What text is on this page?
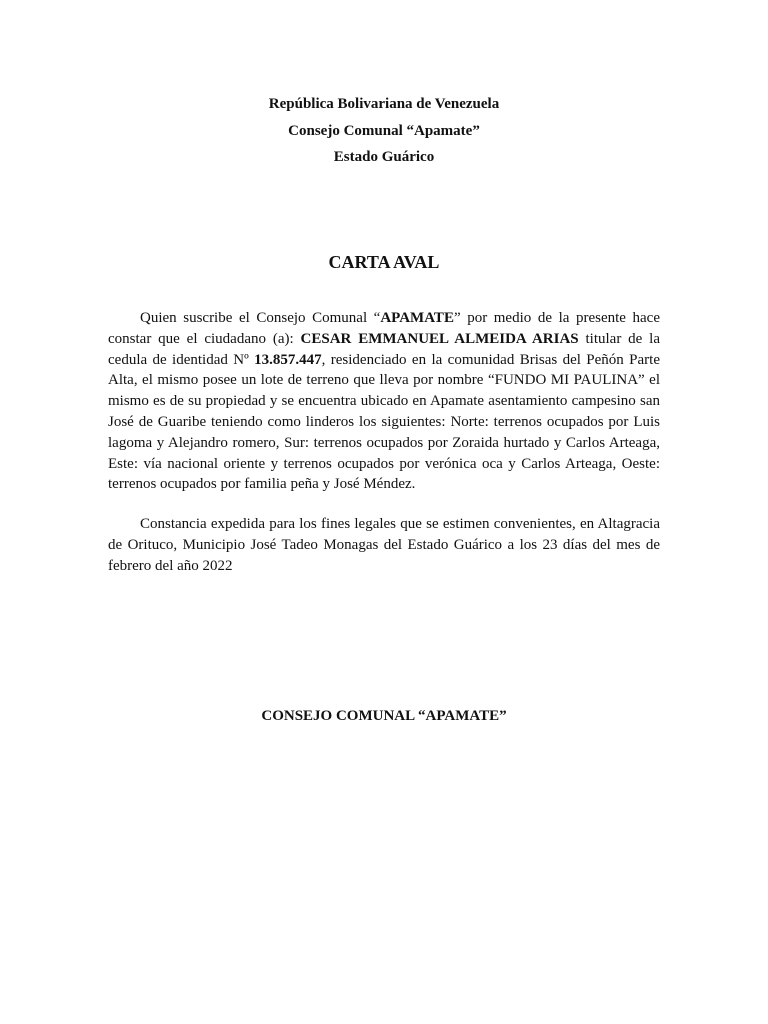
República Bolivariana de Venezuela
Consejo Comunal “Apamate”
Estado Guárico
CARTA AVAL

Quien suscribe el Consejo Comunal “APAMATE” por medio de la presente hace constar que el ciudadano (a): CESAR EMMANUEL ALMEIDA ARIAS titular de la cedula de identidad Nº 13.857.447, residenciado en la comunidad Brisas del Peñón Parte Alta, el mismo posee un lote de terreno que lleva por nombre “FUNDO MI PAULINA” el mismo es de su propiedad y se encuentra ubicado en Apamate asentamiento campesino san José de Guaribe teniendo como linderos los siguientes: Norte: terrenos ocupados por Luis lagoma y Alejandro romero, Sur: terrenos ocupados por Zoraida hurtado y Carlos Arteaga, Este: vía nacional oriente y terrenos ocupados por verónica oca y Carlos Arteaga, Oeste: terrenos ocupados por familia peña y José Méndez.

Constancia expedida para los fines legales que se estimen convenientes, en Altagracia de Orituco, Municipio José Tadeo Monagas del Estado Guárico a los 23 días del mes de febrero del año 2022

CONSEJO COMUNAL “APAMATE”
